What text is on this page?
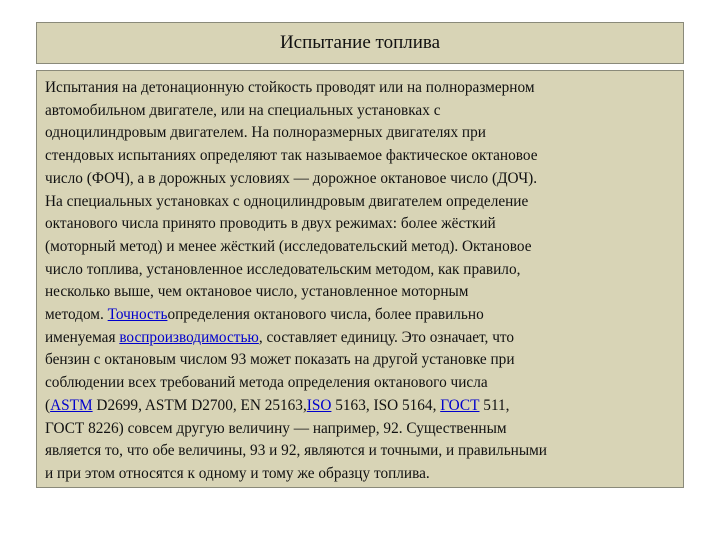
Испытание топлива
Испытания на детонационную стойкость проводят или на полноразмерном
автомобильном двигателе, или на специальных установках с
одноцилиндровым двигателем. На полноразмерных двигателях при
стендовых испытаниях определяют так называемое фактическое октановое
число (ФОЧ), а в дорожных условиях — дорожное октановое число (ДОЧ).
На специальных установках с одноцилиндровым двигателем определение
октанового числа принято проводить в двух режимах: более жёсткий
(моторный метод) и менее жёсткий (исследовательский метод). Октановое
число топлива, установленное исследовательским методом, как правило,
несколько выше, чем октановое число, установленное моторным
методом. Точностьопределения октанового числа, более правильно
именуемая воспроизводимостью, составляет единицу. Это означает, что
бензин с октановым числом 93 может показать на другой установке при
соблюдении всех требований метода определения октанового числа
(ASTM D2699, ASTM D2700, EN 25163,ISO 5163, ISO 5164, ГОСТ 511,
ГОСТ 8226) совсем другую величину — например, 92. Существенным
является то, что обе величины, 93 и 92, являются и точными, и правильными
и при этом относятся к одному и тому же образцу топлива.
